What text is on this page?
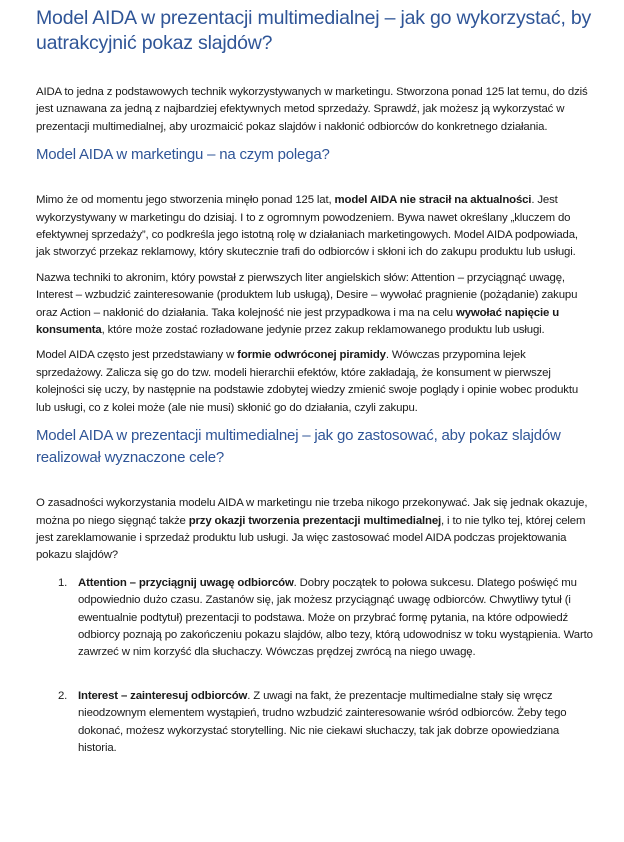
Model AIDA w prezentacji multimedialnej – jak go wykorzystać, by uatrakcyjnić pokaz slajdów?

AIDA to jedna z podstawowych technik wykorzystywanych w marketingu. Stworzona ponad 125 lat temu, do dziś jest uznawana za jedną z najbardziej efektywnych metod sprzedaży. Sprawdź, jak możesz ją wykorzystać w prezentacji multimedialnej, aby urozmaicić pokaz slajdów i nakłonić odbiorców do konkretnego działania.

Model AIDA w marketingu – na czym polega?

Mimo że od momentu jego stworzenia minęło ponad 125 lat, model AIDA nie stracił na aktualności. Jest wykorzystywany w marketingu do dzisiaj. I to z ogromnym powodzeniem. Bywa nawet określany „kluczem do efektywnej sprzedaży”, co podkreśla jego istotną rolę w działaniach marketingowych. Model AIDA podpowiada, jak stworzyć przekaz reklamowy, który skutecznie trafi do odbiorców i skłoni ich do zakupu produktu lub usługi.

Nazwa techniki to akronim, który powstał z pierwszych liter angielskich słów: Attention – przyciągnąć uwagę, Interest – wzbudzić zainteresowanie (produktem lub usługą), Desire – wywołać pragnienie (pożądanie) zakupu oraz Action – nakłonić do działania. Taka kolejność nie jest przypadkowa i ma na celu wywołać napięcie u konsumenta, które może zostać rozładowane jedynie przez zakup reklamowanego produktu lub usługi.

Model AIDA często jest przedstawiany w formie odwróconej piramidy. Wówczas przypomina lejek sprzedażowy. Zalicza się go do tzw. modeli hierarchii efektów, które zakładają, że konsument w pierwszej kolejności się uczy, by następnie na podstawie zdobytej wiedzy zmienić swoje poglądy i opinie wobec produktu lub usługi, co z kolei może (ale nie musi) skłonić go do działania, czyli zakupu.

Model AIDA w prezentacji multimedialnej – jak go zastosować, aby pokaz slajdów realizował wyznaczone cele?

O zasadności wykorzystania modelu AIDA w marketingu nie trzeba nikogo przekonywać. Jak się jednak okazuje, można po niego sięgnąć także przy okazji tworzenia prezentacji multimedialnej, i to nie tylko tej, której celem jest zareklamowanie i sprzedaż produktu lub usługi. Ja więc zastosować model AIDA podczas projektowania pokazu slajdów?

1. Attention – przyciągnij uwagę odbiorców. Dobry początek to połowa sukcesu. Dlatego poświęć mu odpowiednio dużo czasu. Zastanów się, jak możesz przyciągnąć uwagę odbiorców. Chwytliwy tytuł (i ewentualnie podtytuł) prezentacji to podstawa. Może on przybrać formę pytania, na które odpowiedź odbiorcy poznają po zakończeniu pokazu slajdów, albo tezy, którą udowodnisz w toku wystąpienia. Warto zawrzeć w nim korzyść dla słuchaczy. Wówczas prędzej zwrócą na niego uwagę.
2. Interest – zainteresuj odbiorców. Z uwagi na fakt, że prezentacje multimedialne stały się wręcz nieodzownym elementem wystąpień, trudno wzbudzić zainteresowanie wśród odbiorców. Żeby tego dokonać, możesz wykorzystać storytelling. Nic nie ciekawi słuchaczy, tak jak dobrze opowiedziana historia.
